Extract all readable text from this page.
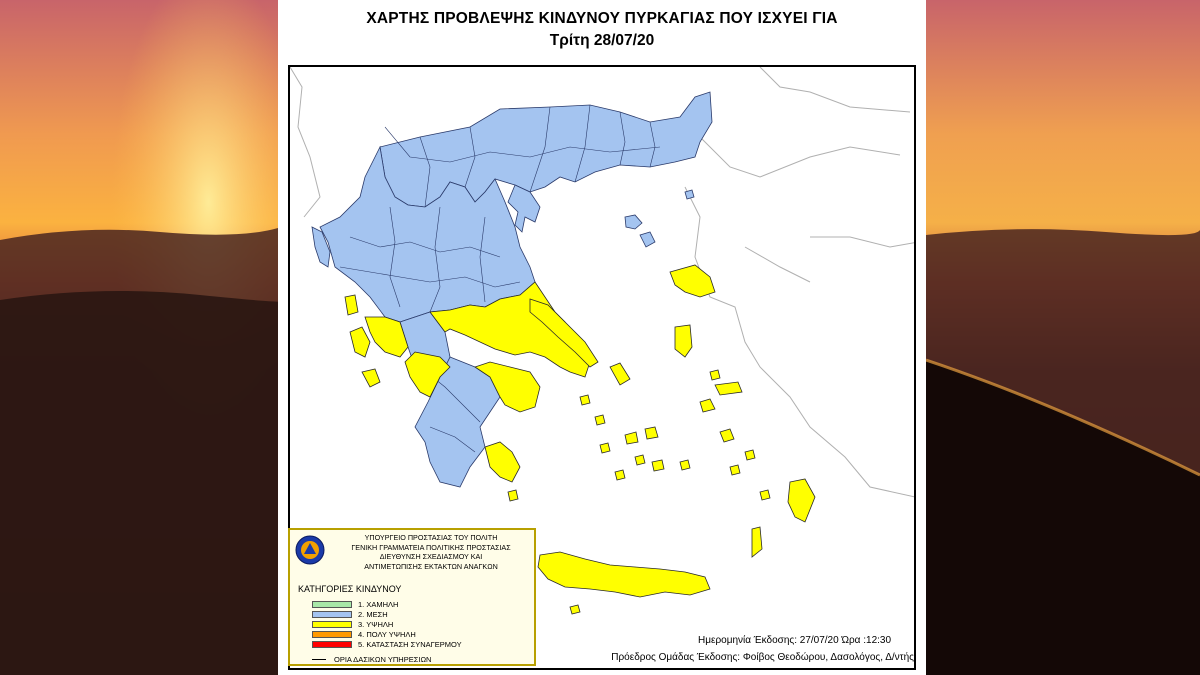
ΧΑΡΤΗΣ ΠΡΟΒΛΕΨΗΣ ΚΙΝΔΥΝΟΥ ΠΥΡΚΑΓΙΑΣ ΠΟΥ ΙΣΧΥΕΙ ΓΙΑ
Τρίτη 28/07/20
ΥΠΟΥΡΓΕΙΟ ΠΡΟΣΤΑΣΙΑΣ ΤΟΥ ΠΟΛΙΤΗ
ΓΕΝΙΚΗ ΓΡΑΜΜΑΤΕΙΑ ΠΟΛΙΤΙΚΗΣ ΠΡΟΣΤΑΣΙΑΣ
ΔΙΕΥΘΥΝΣΗ ΣΧΕΔΙΑΣΜΟΥ ΚΑΙ
ΑΝΤΙΜΕΤΩΠΙΣΗΣ ΕΚΤΑΚΤΩΝ ΑΝΑΓΚΩΝ
ΚΑΤΗΓΟΡΙΕΣ ΚΙΝΔΥΝΟΥ
1. ΧΑΜΗΛΗ
2. ΜΕΣΗ
3. ΥΨΗΛΗ
4. ΠΟΛΥ ΥΨΗΛΗ
5. ΚΑΤΑΣΤΑΣΗ ΣΥΝΑΓΕΡΜΟΥ
ΟΡΙΑ ΔΑΣΙΚΩΝ ΥΠΗΡΕΣΙΩΝ
Ημερομηνία Έκδοσης: 27/07/20 Ώρα :12:30
Πρόεδρος Ομάδας Έκδοσης: Φοίβος Θεοδώρου, Δασολόγος, Δ/ντής
